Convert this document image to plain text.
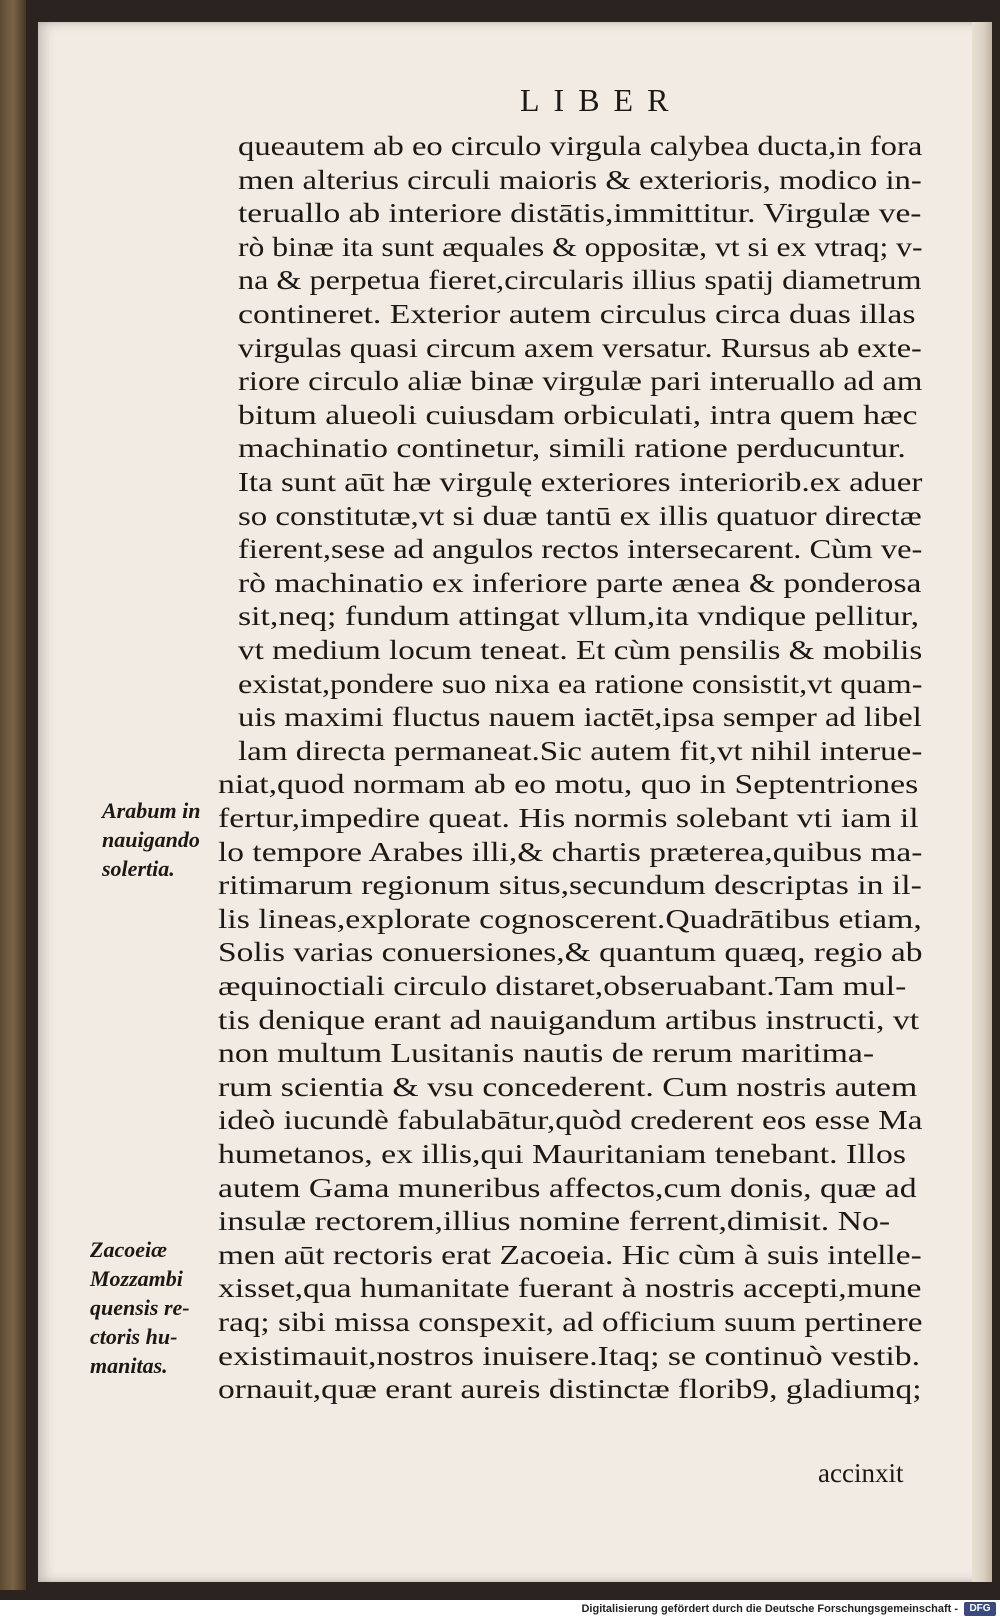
LIBER
queautem ab eo circulo virgula calybea ducta,in fora
men alterius circuli maioris & exterioris, modico in-
teruallo ab interiore distātis,immittitur. Virgulæ ve-
rò binæ ita sunt æquales & oppositæ, vt si ex vtraq; v-
na & perpetua fieret,circularis illius spatij diametrum
contineret. Exterior autem circulus circa duas illas
virgulas quasi circum axem versatur. Rursus ab exte-
riore circulo aliæ binæ virgulæ pari interuallo ad am
bitum alueoli cuiusdam orbiculati, intra quem hæc
machinatio continetur, simili ratione perducuntur.
Ita sunt aūt hæ virgulę exteriores interiorib.ex aduer
so constitutæ,vt si duæ tantū ex illis quatuor directæ
fierent,sese ad angulos rectos intersecarent. Cùm ve-
rò machinatio ex inferiore parte ænea & ponderosa
sit,neq; fundum attingat vllum,ita vndique pellitur,
vt medium locum teneat. Et cùm pensilis & mobilis
existat,pondere suo nixa ea ratione consistit,vt quam-
uis maximi fluctus nauem iactēt,ipsa semper ad libel
lam directa permaneat.Sic autem fit,vt nihil interue-
niat,quod normam ab eo motu, quo in Septentriones
fertur,impedire queat. His normis solebant vti iam il
lo tempore Arabes illi,& chartis præterea,quibus ma-
ritimarum regionum situs,secundum descriptas in il-
lis lineas,explorate cognoscerent.Quadrātibus etiam,
Solis varias conuersiones,& quantum quæq, regio ab
æquinoctiali circulo distaret,obseruabant.Tam mul-
tis denique erant ad nauigandum artibus instructi, vt
non multum Lusitanis nautis de rerum maritima-
rum scientia & vsu concederent. Cum nostris autem
ideò iucundè fabulabātur,quòd crederent eos esse Ma
humetanos, ex illis,qui Mauritaniam tenebant. Illos
autem Gama muneribus affectos,cum donis, quæ ad
insulæ rectorem,illius nomine ferrent,dimisit. No-
men aūt rectoris erat Zacoeia. Hic cùm à suis intelle-
xisset,qua humanitate fuerant à nostris accepti,mune
raq; sibi missa conspexit, ad officium suum pertinere
existimauit,nostros inuisere.Itaq; se continuò vestib.
ornauit,quæ erant aureis distinctæ florib9, gladiumq;
Arabum in
nauigando
solertia.
Zacoeiæ
Mozzambi
quensis re-
ctoris hu-
manitas.
accinxit
Digitalisierung gefördert durch die Deutsche Forschungsgemeinschaft -	DFG
